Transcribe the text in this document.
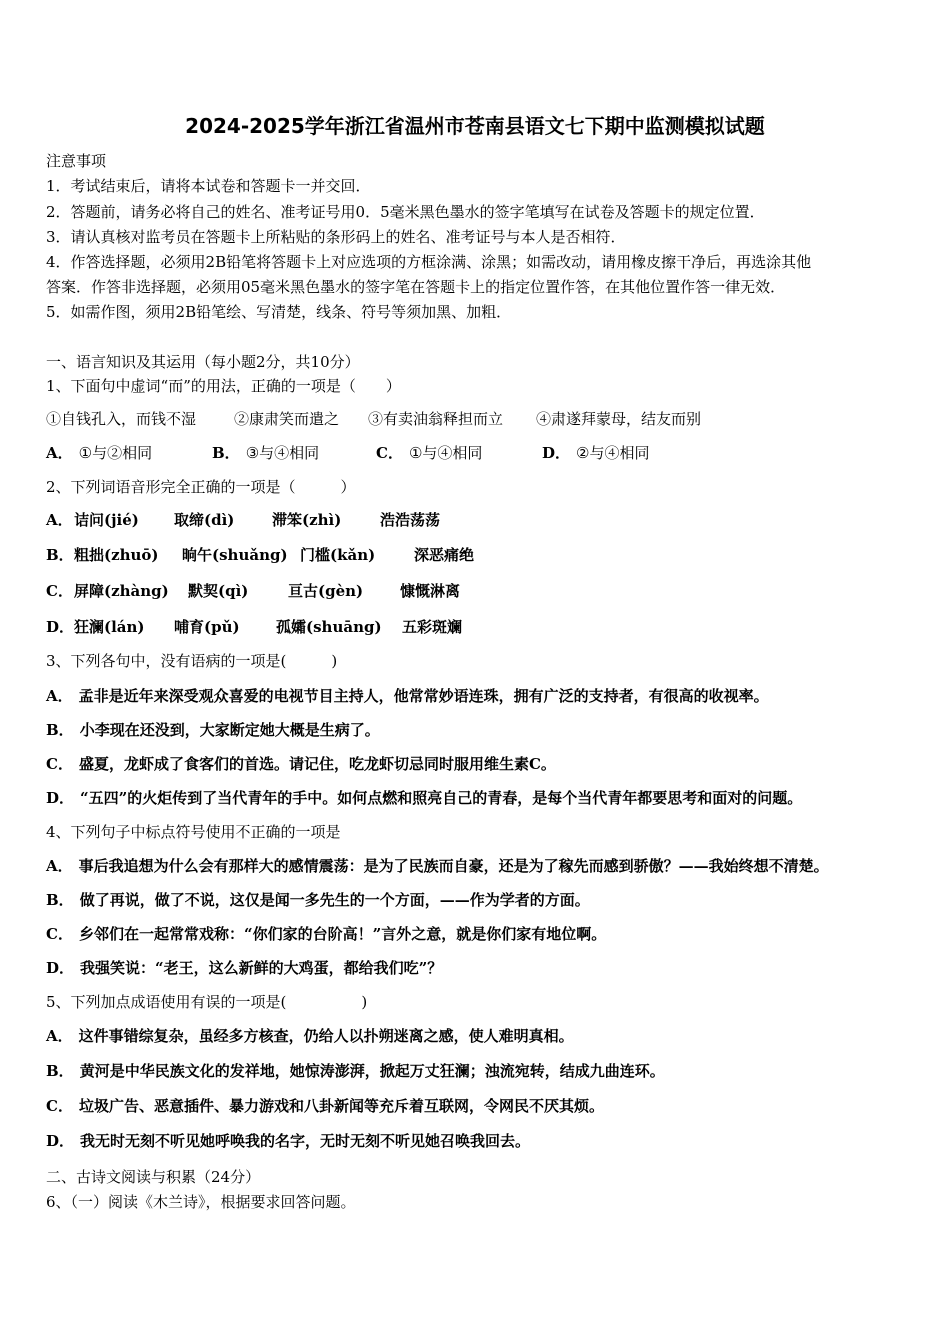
2024-2025学年浙江省温州市苍南县语文七下期中监测模拟试题
注意事项
1．考试结束后，请将本试卷和答题卡一并交回．
2．答题前，请务必将自己的姓名、准考证号用0．5毫米黑色墨水的签字笔填写在试卷及答题卡的规定位置．
3．请认真核对监考员在答题卡上所粘贴的条形码上的姓名、准考证号与本人是否相符．
4．作答选择题，必须用2B铅笔将答题卡上对应选项的方框涂满、涂黑；如需改动，请用橡皮擦干净后，再选涂其他
答案．作答非选择题，必须用05毫米黑色墨水的签字笔在答题卡上的指定位置作答，在其他位置作答一律无效．
5．如需作图，须用2B铅笔绘、写清楚，线条、符号等须加黑、加粗．
一、语言知识及其运用（每小题2分，共10分）
1、下面句中虚词“而”的用法，正确的一项是（　　）
①自钱孔入，而钱不湿	②康肃笑而遣之 ③有卖油翁释担而立 ④肃遂拜蒙母，结友而别
A． ①与②相同	B． ③与④相同	C． ①与④相同	D． ②与④相同
2、下列词语音形完全正确的一项是（　　　）
A． 诘问(jié) 取缔(dì)	滞笨(zhì)	浩浩荡荡
B． 粗拙(zhuō) 晌午(shuǎng) 门槛(kǎn)	深恶痛绝
C． 屏障(zhàng) 默契(qì)	亘古(gèn) 慷慨淋离
D． 狂澜(lán) 哺育(pǔ) 孤孀(shuāng) 五彩斑斓
3、下列各句中，没有语病的一项是(　　　)
A． 孟非是近年来深受观众喜爱的电视节目主持人，他常常妙语连珠，拥有广泛的支持者，有很高的收视率。
B． 小李现在还没到，大家断定她大概是生病了。
C． 盛夏，龙虾成了食客们的首选。请记住，吃龙虾切忌同时服用维生素C。
D． “五四”的火炬传到了当代青年的手中。如何点燃和照亮自己的青春，是每个当代青年都要思考和面对的问题。
4、下列句子中标点符号使用不正确的一项是
A． 事后我追想为什么会有那样大的感情震荡：是为了民族而自豪，还是为了稼先而感到骄傲？——我始终想不清楚。
B． 做了再说，做了不说，这仅是闻一多先生的一个方面，——作为学者的方面。
C． 乡邻们在一起常常戏称：“你们家的台阶高！”言外之意，就是你们家有地位啊。
D． 我强笑说：“老王，这么新鲜的大鸡蛋，都给我们吃”？
5、下列加点成语使用有误的一项是(　　　　　)
A． 这件事错综复杂，虽经多方核查，仍给人以扑朔迷离之感，使人难明真相。
B． 黄河是中华民族文化的发祥地，她惊涛澎湃，掀起万丈狂澜；浊流宛转，结成九曲连环。
C． 垃圾广告、恶意插件、暴力游戏和八卦新闻等充斥着互联网，令网民不厌其烦。
D． 我无时无刻不听见她呼唤我的名字，无时无刻不听见她召唤我回去。
二、古诗文阅读与积累（24分）
6、（一）阅读《木兰诗》，根据要求回答问题。
